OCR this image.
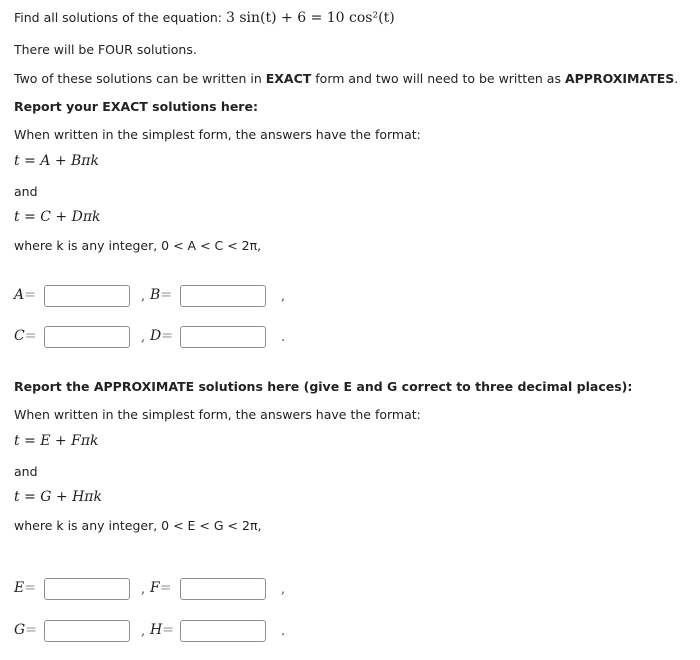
Find all solutions of the equation: 3 sin(t) + 6 = 10 cos²(t)
There will be FOUR solutions.
Two of these solutions can be written in EXACT form and two will need to be written as APPROXIMATES.
Report your EXACT solutions here:
When written in the simplest form, the answers have the format:
t = A + Bπk
and
t = C + Dπk
where k is any integer, 0 < A < C < 2π,
A=	, B=	,
C=	, D=	.
Report the APPROXIMATE solutions here (give E and G correct to three decimal places):
When written in the simplest form, the answers have the format:
t = E + Fπk
and
t = G + Hπk
where k is any integer, 0 < E < G < 2π,
E=	, F=	,
G=	, H=	.
